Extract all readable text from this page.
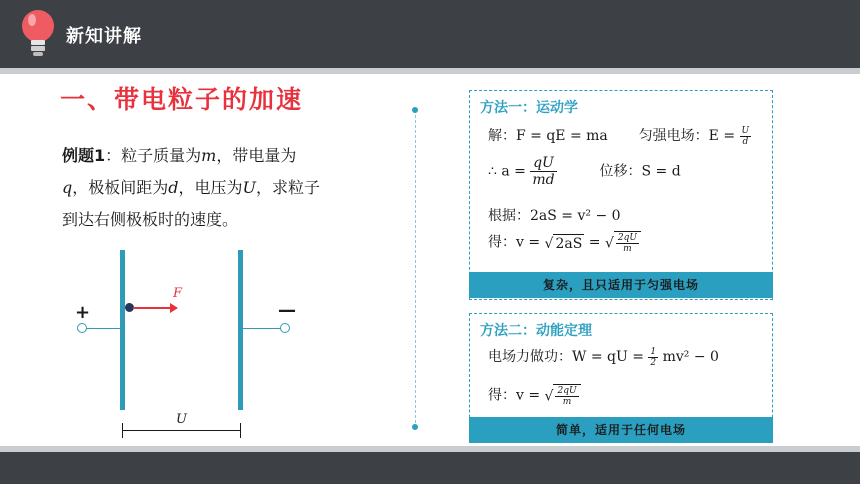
新知讲解
一、带电粒子的加速
例题1：粒子质量为m，带电量为q，极板间距为d，电压为U，求粒子到达右侧极板时的速度。
+	—
F
U
方法一：运动学
解：F = qE = ma 匀强电场：$E = \frac{U}{d}$
∴ $a = \frac{qU}{md}$	位移：S = d
根据：2aS = v² − 0
得：v = √ 2aS = √ $\frac{2qU}{m}$
复杂，且只适用于匀强电场
方法二：动能定理
电场力做功：W = qU = $\frac{1}{2} mv^2 - 0$
得：v = √ $\frac{2qU}{m}$
简单，适用于任何电场
